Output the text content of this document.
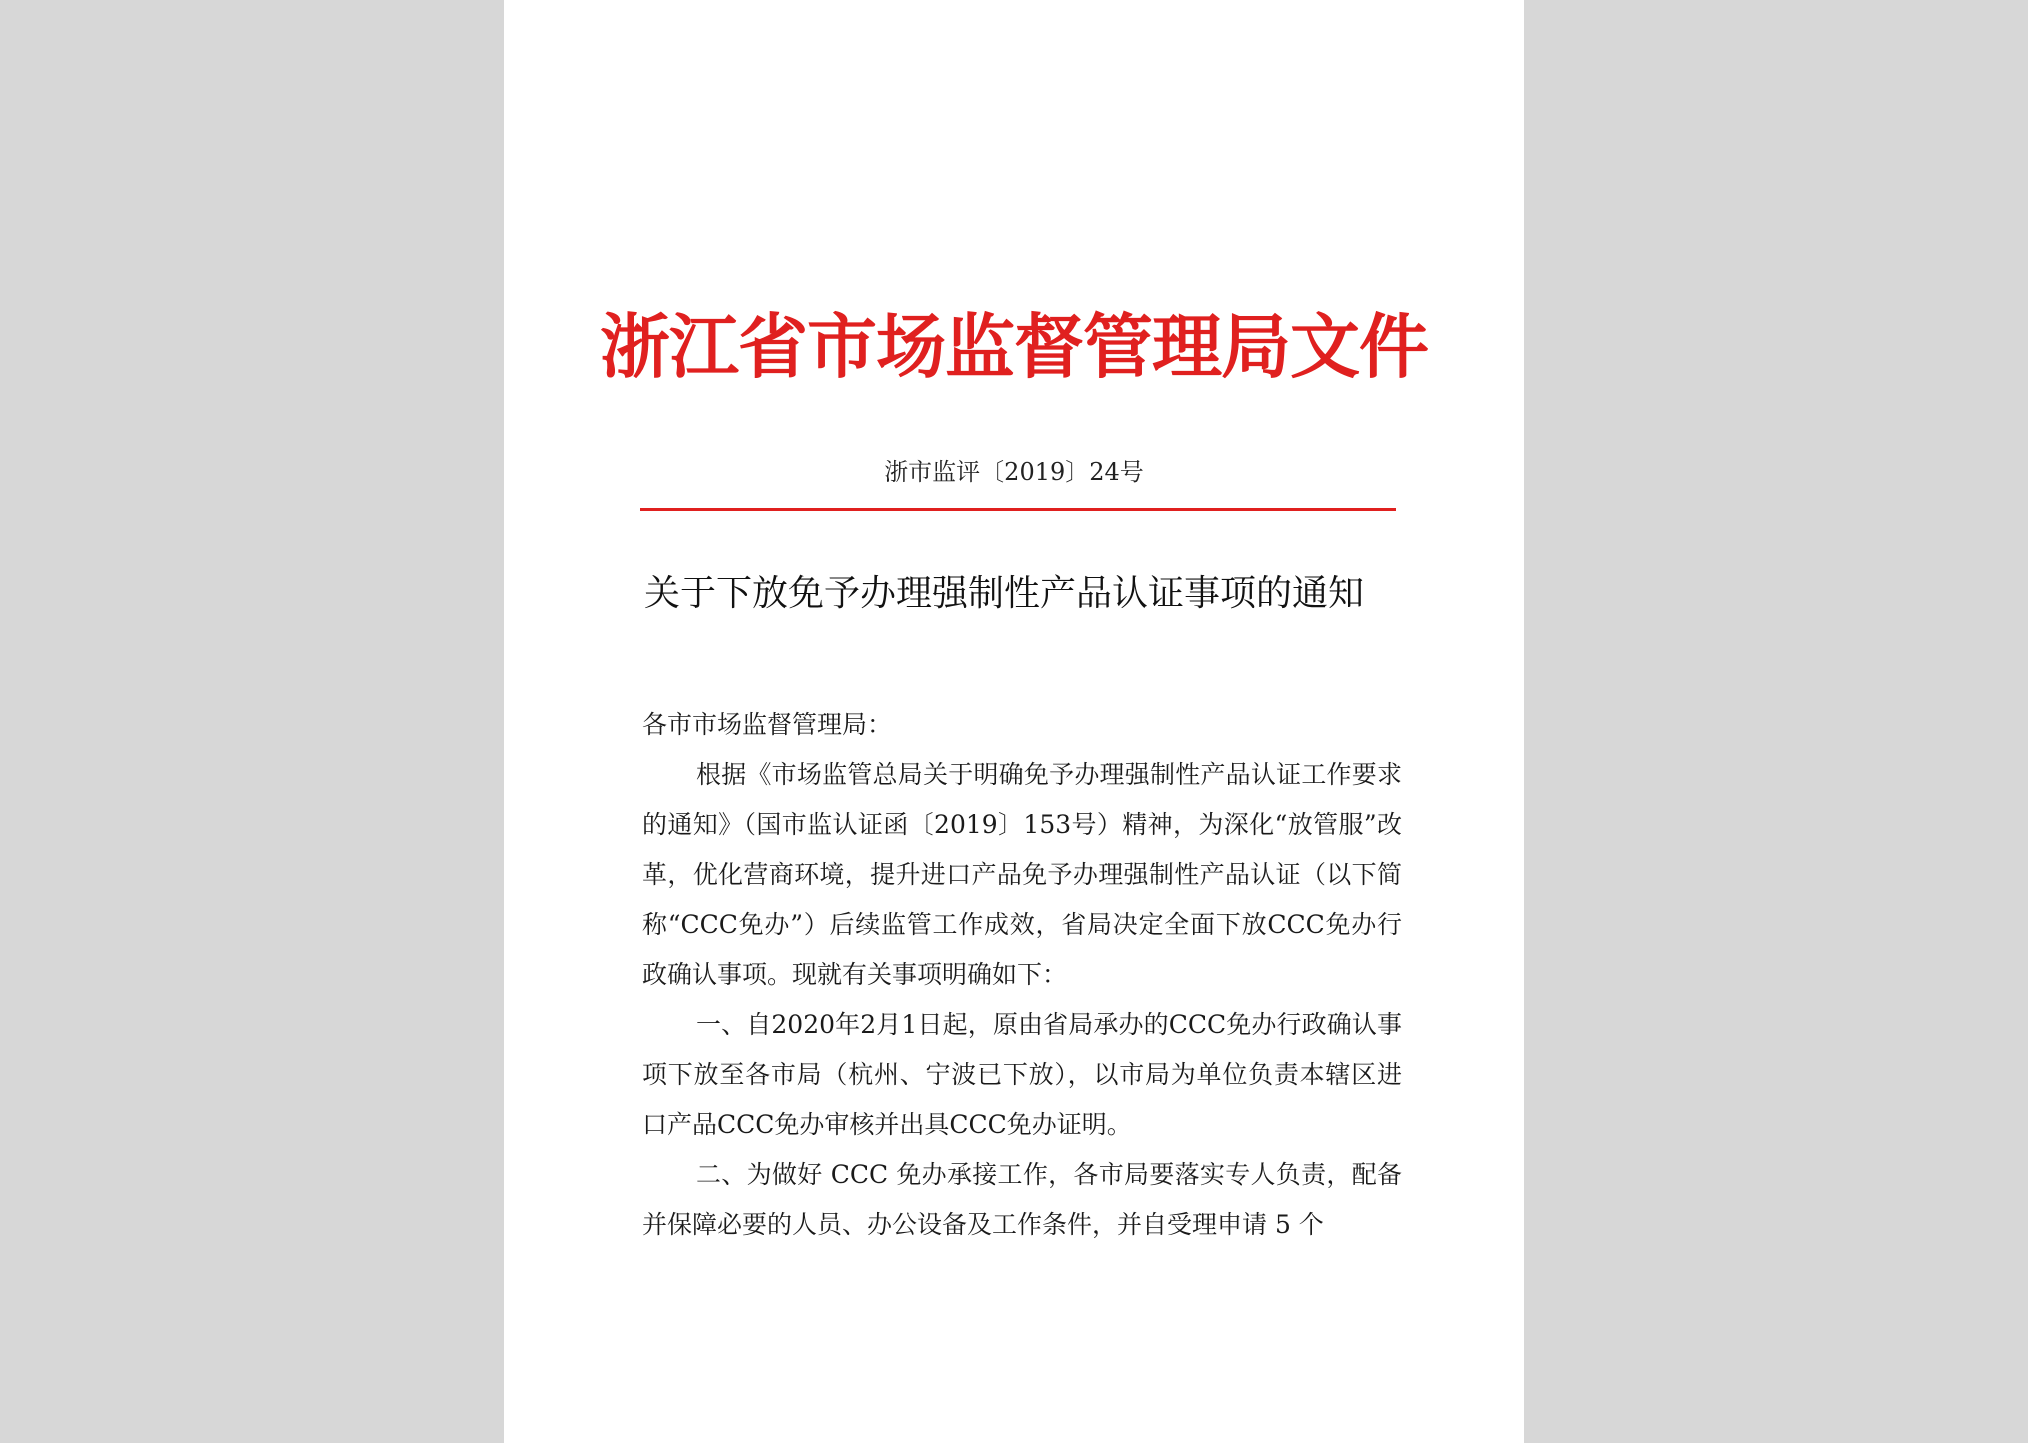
浙江省市场监督管理局文件
浙市监评〔2019〕24号
关于下放免予办理强制性产品认证事项的通知

各市市场监督管理局：

根据《市场监管总局关于明确免予办理强制性产品认证工作要求的通知》（国市监认证函〔2019〕153号）精神，为深化“放管服”改革，优化营商环境，提升进口产品免予办理强制性产品认证（以下简称“CCC免办”）后续监管工作成效，省局决定全面下放CCC免办行政确认事项。现就有关事项明确如下：

一、自2020年2月1日起，原由省局承办的CCC免办行政确认事项下放至各市局（杭州、宁波已下放），以市局为单位负责本辖区进口产品CCC免办审核并出具CCC免办证明。

二、为做好 CCC 免办承接工作，各市局要落实专人负责，配备并保障必要的人员、办公设备及工作条件，并自受理申请 5 个
